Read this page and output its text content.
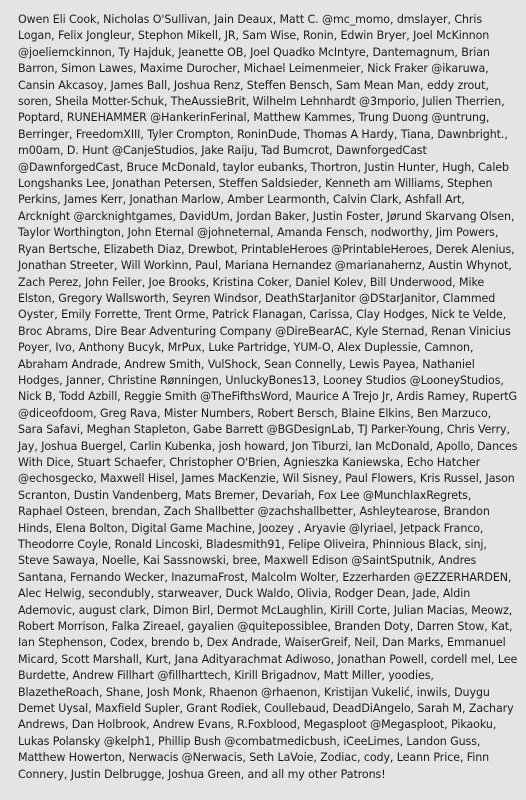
Owen Eli Cook, Nicholas O'Sullivan, Jain Deaux, Matt C. @mc_momo, dmslayer, Chris Logan, Felix Jongleur, Stephon Mikell, JR, Sam Wise, Ronin, Edwin Bryer, Joel McKinnon @joeliemckinnon, Ty Hajduk, Jeanette OB, Joel Quadko McIntyre, Dantemagnum, Brian Barron, Simon Lawes, Maxime Durocher, Michael Leimenmeier, Nick Fraker @ikaruwa, Cansin Akcasoy, James Ball, Joshua Renz, Steffen Bensch, Sam Mean Man, eddy zrout, soren, Sheila Motter-Schuk, TheAussieBrit, Wilhelm Lehnhardt @3mporio, Julien Therrien, Poptard, RUNEHAMMER @HankerinFerinal, Matthew Kammes, Trung Duong @untrung, Berringer, FreedomXIII, Tyler Crompton, RoninDude, Thomas A Hardy, Tiana, Dawnbright., m00am, D. Hunt @CanjeStudios, Jake Raiju, Tad Bumcrot, DawnforgedCast @DawnforgedCast, Bruce McDonald, taylor eubanks, Thortron, Justin Hunter, Hugh, Caleb Longshanks Lee, Jonathan Petersen, Steffen Saldsieder, Kenneth am Williams, Stephen Perkins, James Kerr, Jonathan Marlow, Amber Learmonth, Calvin Clark, Ashfall Art, Arcknight @arcknightgames, DavidUm, Jordan Baker, Justin Foster, Jørund Skarvang Olsen, Taylor Worthington, John Eternal @johneternal, Amanda Fensch, nodworthy, Jim Powers, Ryan Bertsche, Elizabeth Diaz, Drewbot, PrintableHeroes @PrintableHeroes, Derek Alenius, Jonathan Streeter, Will Workinn, Paul, Mariana Hernandez @marianahernz, Austin Whynot, Zach Perez, John Feiler, Joe Brooks, Kristina Coker, Daniel Kolev, Bill Underwood, Mike Elston, Gregory Wallsworth, Seyren Windsor, DeathStarJanitor @DStarJanitor, Clammed Oyster, Emily Forrette, Trent Orme, Patrick Flanagan, Carissa, Clay Hodges, Nick te Velde, Broc Abrams, Dire Bear Adventuring Company @DireBearAC, Kyle Sternad, Renan Vinicius Poyer, Ivo, Anthony Bucyk, MrPux, Luke Partridge, YUM-O, Alex Duplessie, Camnon, Abraham Andrade, Andrew Smith, VulShock, Sean Connelly, Lewis Payea, Nathaniel Hodges, Janner, Christine Rønningen, UnluckyBones13, Looney Studios @LooneyStudios, Nick B, Todd Azbill, Reggie Smith @TheFifthsWord, Maurice A Trejo Jr, Ardis Ramey, RupertG @diceofdoom, Greg Rava, Mister Numbers, Robert Bersch, Blaine Elkins, Ben Marzuco, Sara Safavi, Meghan Stapleton, Gabe Barrett @BGDesignLab, TJ Parker-Young, Chris Verry, Jay, Joshua Buergel, Carlin Kubenka, josh howard, Jon Tiburzi, Ian McDonald, Apollo, Dances With Dice, Stuart Schaefer, Christopher O'Brien, Agnieszka Kaniewska, Echo Hatcher @echosgecko, Maxwell Hisel, James MacKenzie, Wil Sisney, Paul Flowers, Kris Russel, Jason Scranton, Dustin Vandenberg, Mats Bremer, Devariah, Fox Lee @MunchlaxRegrets, Raphael Osteen, brendan, Zach Shallbetter @zachshallbetter, Ashleytearose, Brandon Hinds, Elena Bolton, Digital Game Machine, Joozey , Aryavie @lyriael, Jetpack Franco, Theodorre Coyle, Ronald Lincoski, Bladesmith91, Felipe Oliveira, Phinnious Black, sinj, Steve Sawaya, Noelle, Kai Sassnowski, bree, Maxwell Edison @SaintSputnik, Andres Santana, Fernando Wecker, InazumaFrost, Malcolm Wolter, Ezzerharden @EZZERHARDEN, Alec Helwig, secondubly, starweaver, Duck Waldo, Olivia, Rodger Dean, Jade, Aldin Ademovic, august clark, Dimon Birl, Dermot McLaughlin, Kirill Corte, Julian Macias, Meowz, Robert Morrison, Falka Zireael, gayalien @quitepossiblee, Branden Doty, Darren Stow, Kat, Ian Stephenson, Codex, brendo b, Dex Andrade, WaiserGreif, Neil, Dan Marks, Emmanuel Micard, Scott Marshall, Kurt, Jana Adityarachmat Adiwoso, Jonathan Powell, cordell mel, Lee Burdette, Andrew Fillhart @fillharttech, Kirill Brigadnov, Matt Miller, yoodies, BlazetheRoach, Shane, Josh Monk, Rhaenon @rhaenon, Kristijan Vukelić, inwils, Duygu Demet Uysal, Maxfield Supler, Grant Rodiek, Coullebaud, DeadDiAngelo, Sarah M, Zachary Andrews, Dan Holbrook, Andrew Evans, R.Foxblood, Megasploot @Megasploot, Pikaoku, Lukas Polansky @kelph1, Phillip Bush @combatmedicbush, iCeeLimes, Landon Guss, Matthew Howerton, Nerwacis @Nerwacis, Seth LaVoie, Zodiac, cody, Leann Price, Finn Connery, Justin Delbrugge, Joshua Green, and all my other Patrons!
